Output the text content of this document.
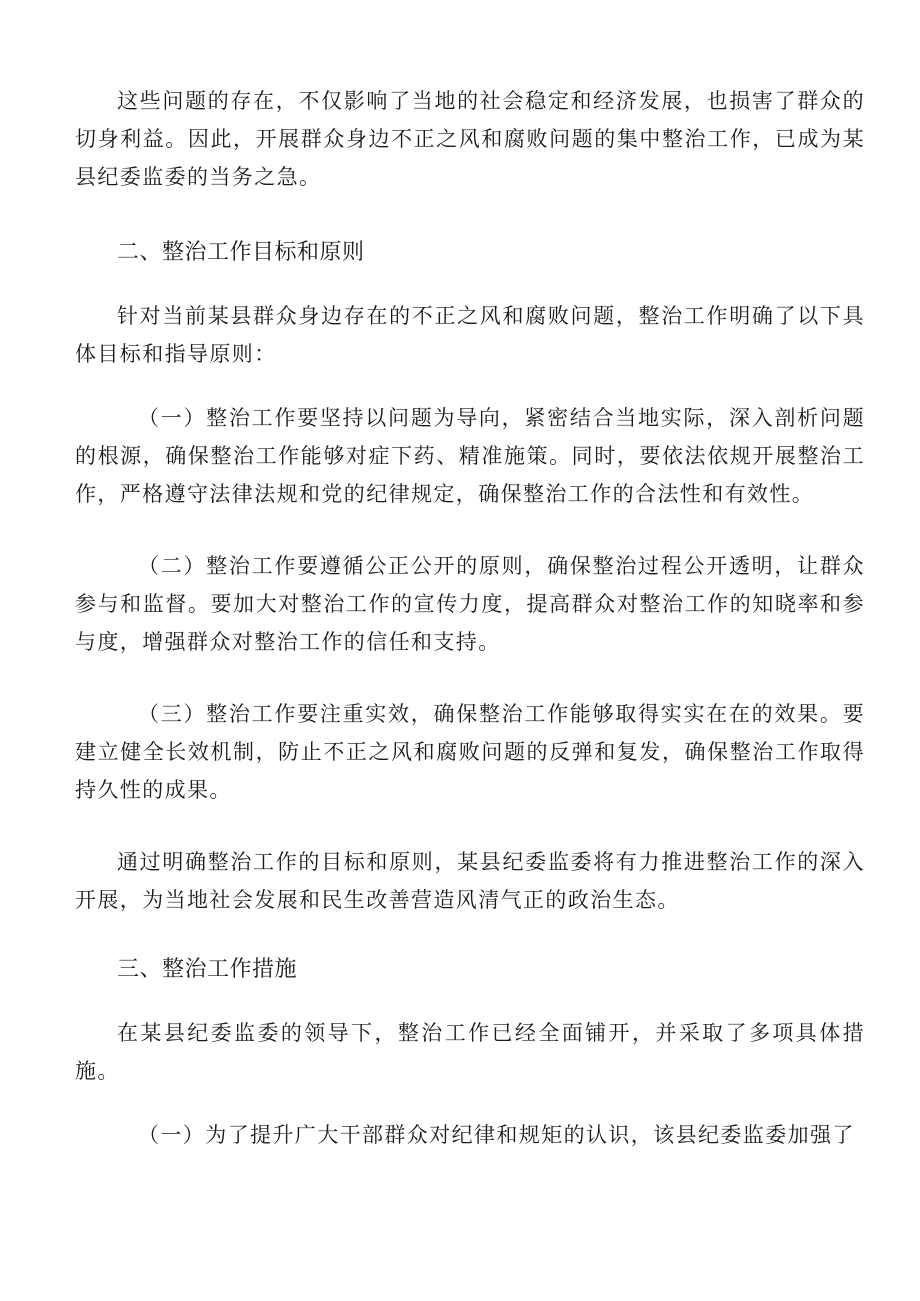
这些问题的存在，不仅影响了当地的社会稳定和经济发展，也损害了群众的切身利益。因此，开展群众身边不正之风和腐败问题的集中整治工作，已成为某县纪委监委的当务之急。

二、整治工作目标和原则

针对当前某县群众身边存在的不正之风和腐败问题，整治工作明确了以下具体目标和指导原则：

（一）整治工作要坚持以问题为导向，紧密结合当地实际，深入剖析问题的根源，确保整治工作能够对症下药、精准施策。同时，要依法依规开展整治工作，严格遵守法律法规和党的纪律规定，确保整治工作的合法性和有效性。

（二）整治工作要遵循公正公开的原则，确保整治过程公开透明，让群众参与和监督。要加大对整治工作的宣传力度，提高群众对整治工作的知晓率和参与度，增强群众对整治工作的信任和支持。

（三）整治工作要注重实效，确保整治工作能够取得实实在在的效果。要建立健全长效机制，防止不正之风和腐败问题的反弹和复发，确保整治工作取得持久性的成果。

通过明确整治工作的目标和原则，某县纪委监委将有力推进整治工作的深入开展，为当地社会发展和民生改善营造风清气正的政治生态。

三、整治工作措施

在某县纪委监委的领导下，整治工作已经全面铺开，并采取了多项具体措施。

（一）为了提升广大干部群众对纪律和规矩的认识，该县纪委监委加强了
